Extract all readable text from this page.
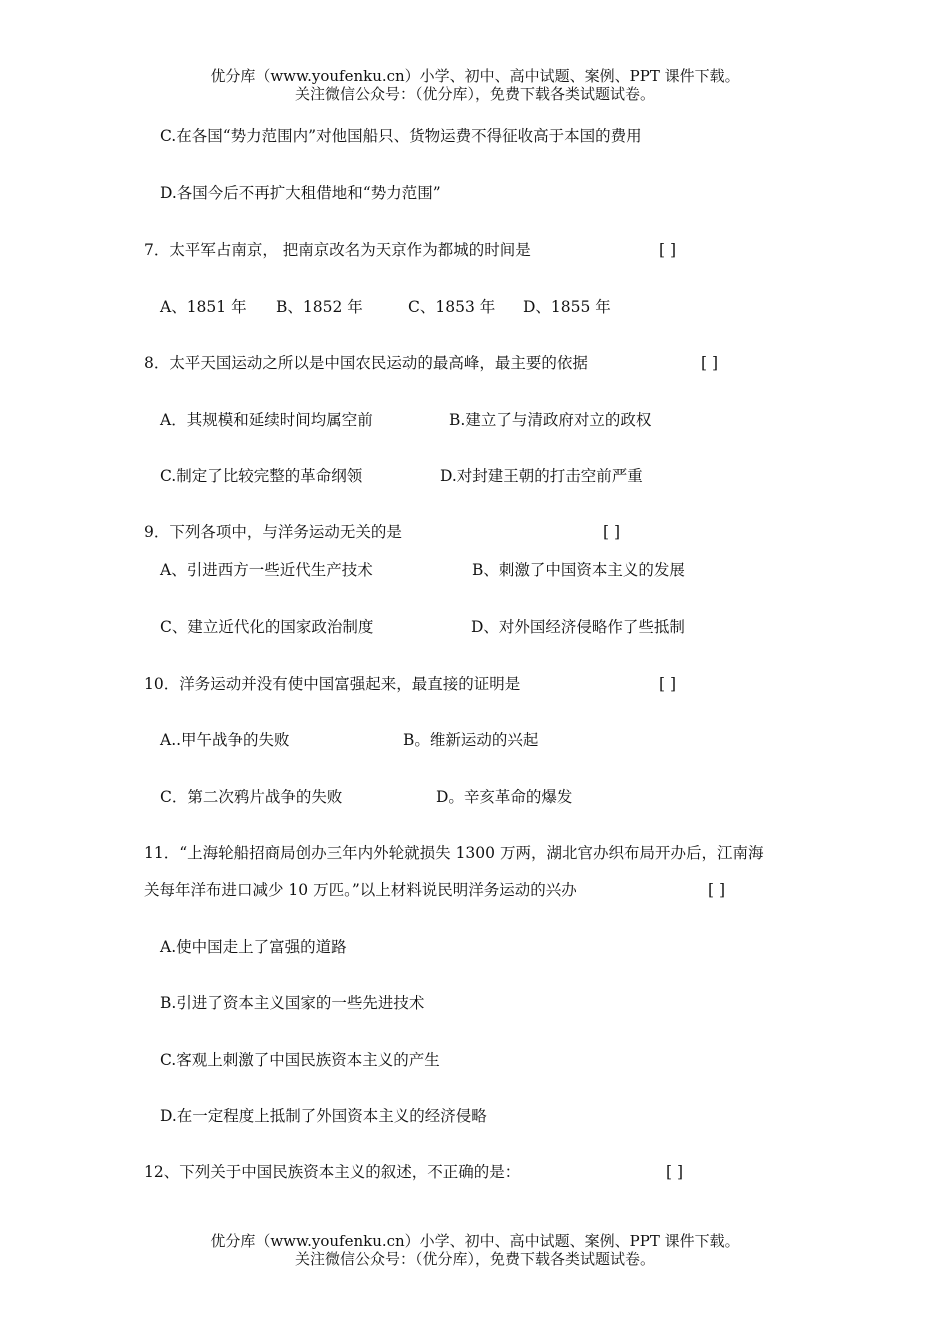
优分库（www.youfenku.cn）小学、初中、高中试题、案例、PPT 课件下载。
关注微信公众号：（优分库），免费下载各类试题试卷。
C.在各国“势力范围内”对他国船只、货物运费不得征收高于本国的费用
D.各国今后不再扩大租借地和“势力范围”
7．太平军占南京， 把南京改名为天京作为都城的时间是	[ ]
A、1851 年 B、1852 年	C、1853 年 D、1855 年
8．太平天国运动之所以是中国农民运动的最高峰，最主要的依据	[ ]
A．其规模和延续时间均属空前	B.建立了与清政府对立的政权
C.制定了比较完整的革命纲领	D.对封建王朝的打击空前严重
9．下列各项中，与洋务运动无关的是	[ ]
A、引进西方一些近代生产技术	B、刺激了中国资本主义的发展
C、建立近代化的国家政治制度	D、对外国经济侵略作了些抵制
10．洋务运动并没有使中国富强起来，最直接的证明是	[ ]
A..甲午战争的失败	B。维新运动的兴起
C．第二次鸦片战争的失败	D。辛亥革命的爆发
11．“上海轮船招商局创办三年内外轮就损失 1300 万两，湖北官办织布局开办后，江南海
关每年洋布进口减少 10 万匹。”以上材料说民明洋务运动的兴办	[ ]
A.使中国走上了富强的道路
B.引进了资本主义国家的一些先进技术
C.客观上刺激了中国民族资本主义的产生
D.在一定程度上抵制了外国资本主义的经济侵略
12、下列关于中国民族资本主义的叙述，不正确的是：	[ ]
优分库（www.youfenku.cn）小学、初中、高中试题、案例、PPT 课件下载。
关注微信公众号：（优分库），免费下载各类试题试卷。
